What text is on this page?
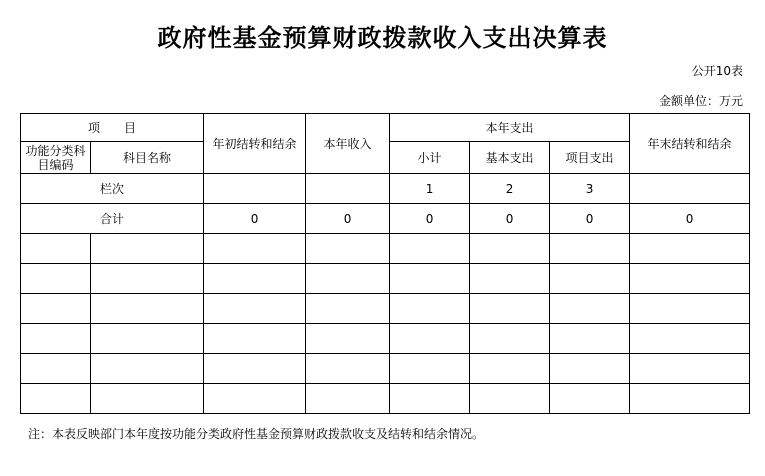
政府性基金预算财政拨款收入支出决算表
公开10表
金额单位：万元
项　　目		年初结转和结余	本年收入	本年支出			年末结转和结余
功能分类科目编码	科目名称			小计	基本支出	项目支出	
栏次				1	2	3	
合计		0	0	0	0	0	0

注：本表反映部门本年度按功能分类政府性基金预算财政拨款收支及结转和结余情况。
